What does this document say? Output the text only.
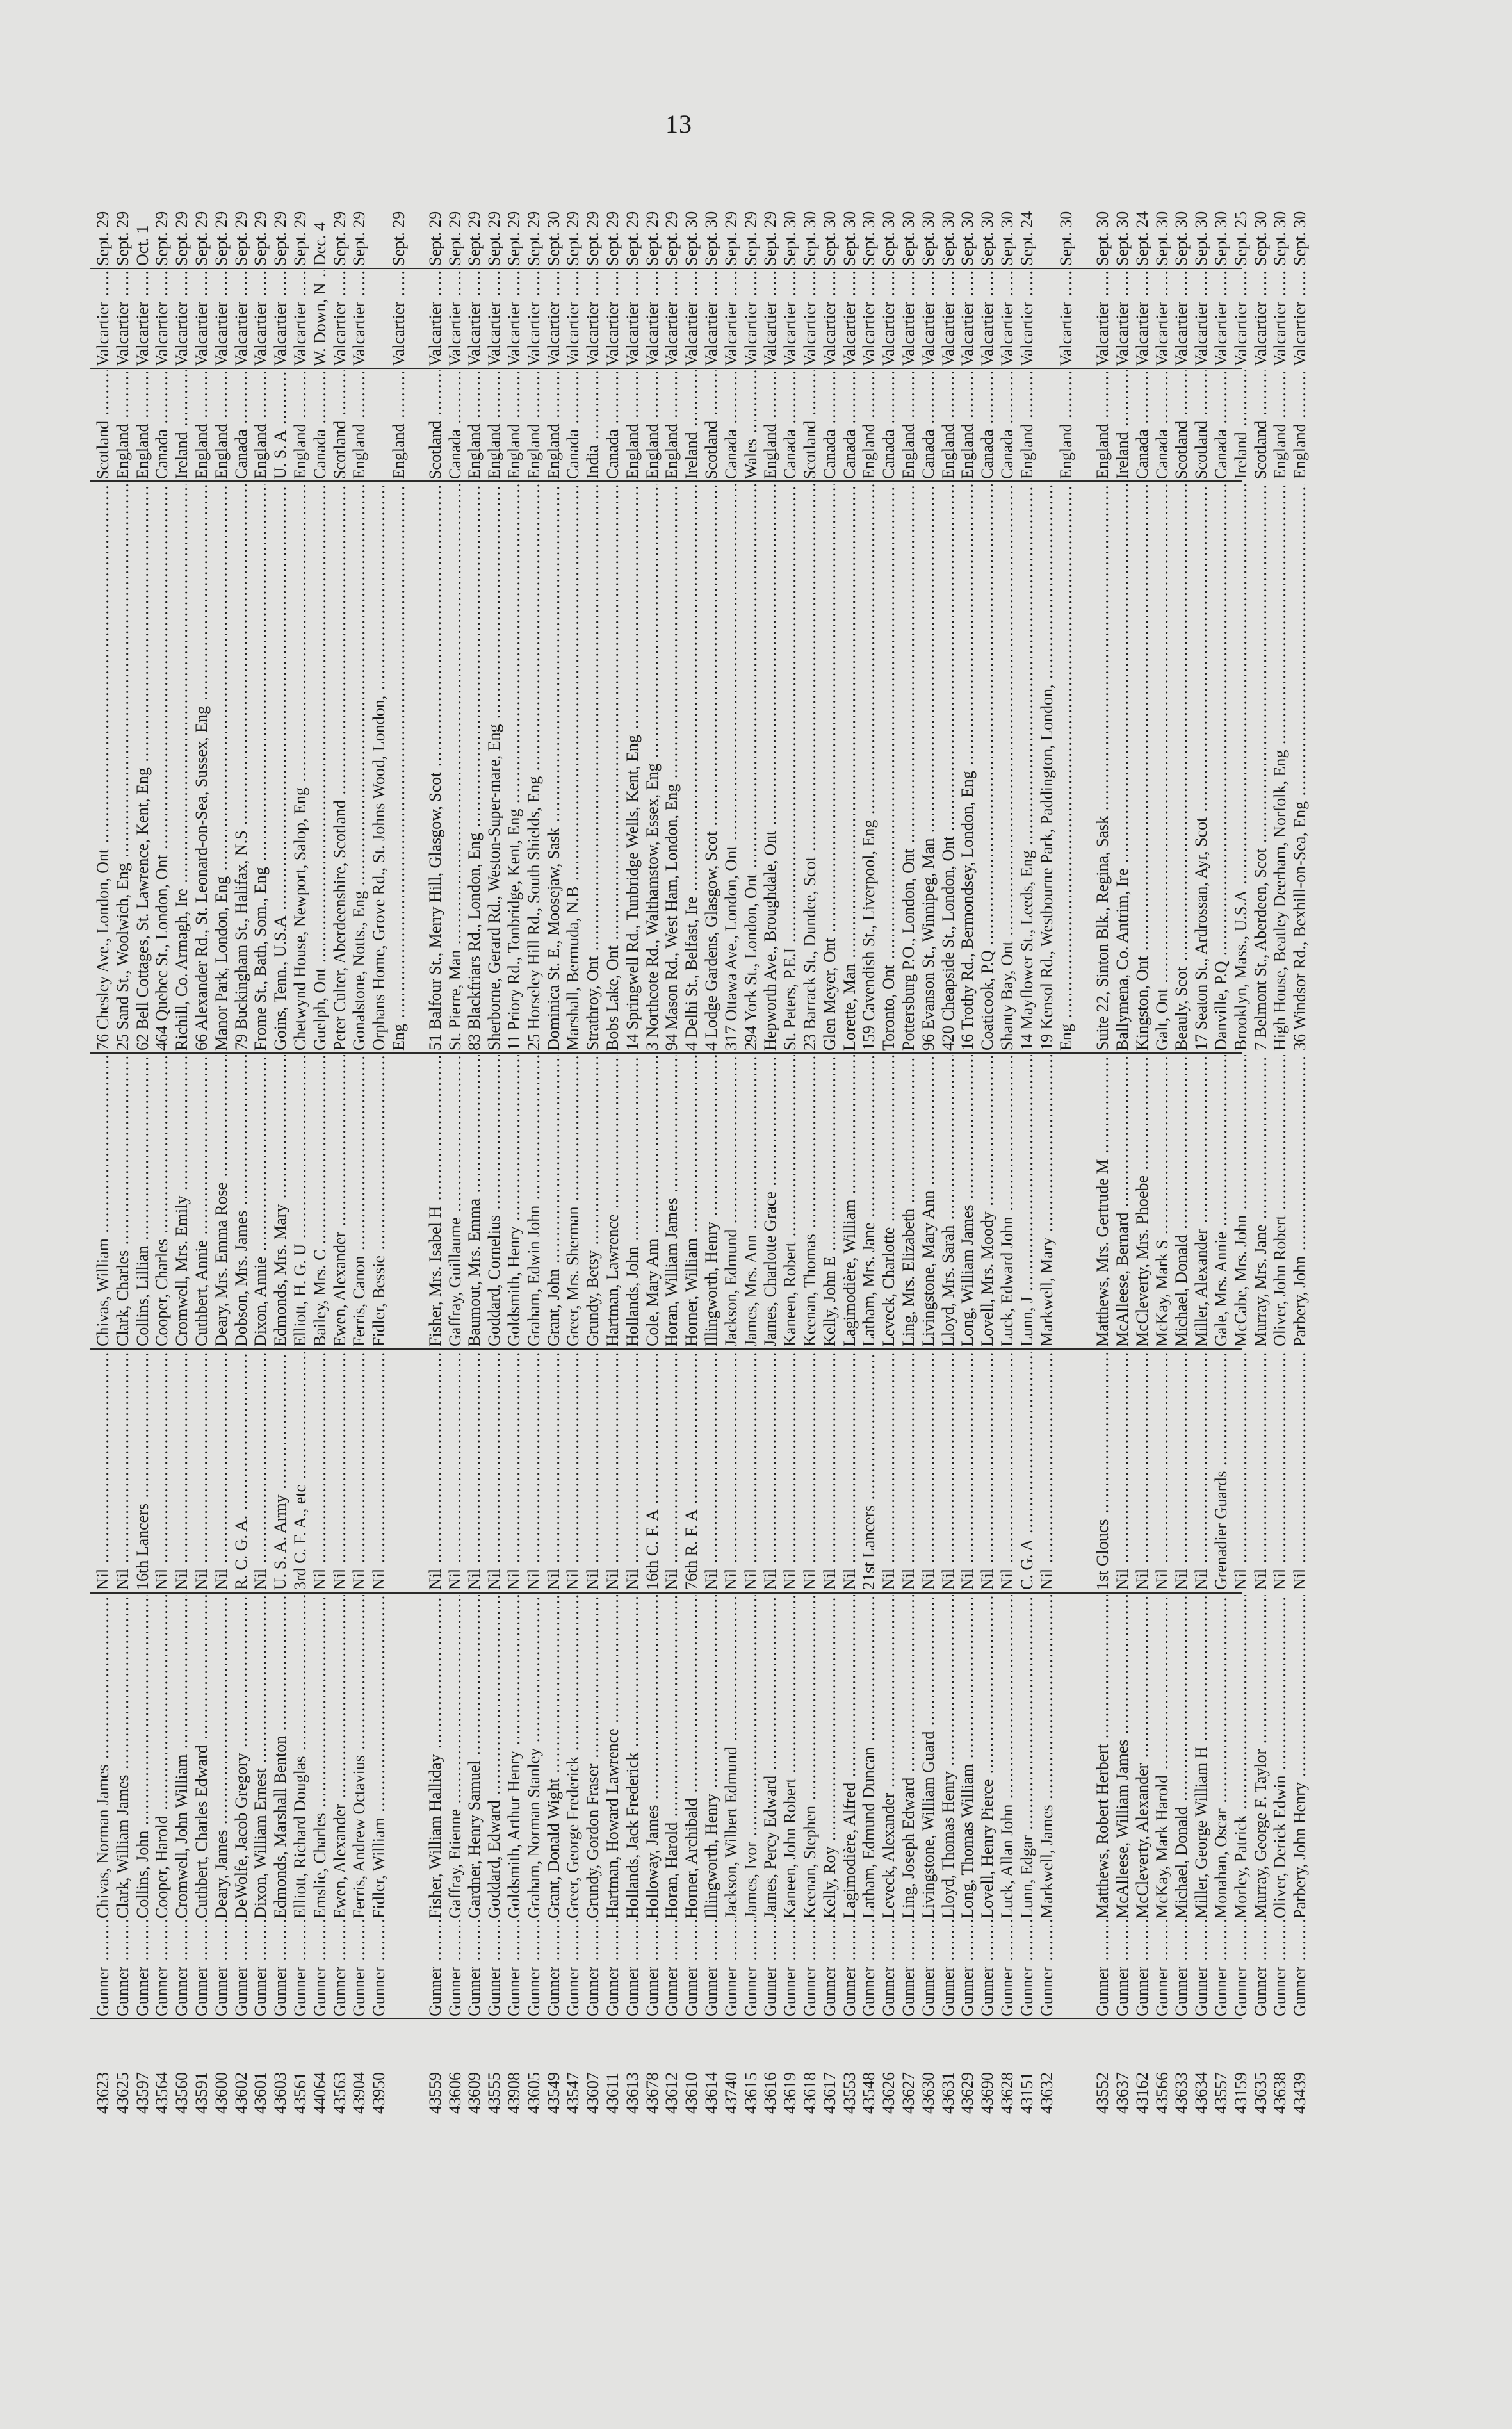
13
43623
Gunner .....
Chivas, Norman James .....
Nil .....
Chivas, William .....
76 Chesley Ave., London, Ont .....
Scotland .....
Valcartier .....
Sept. 29
43625
Gunner .....
Clark, William James .....
Nil .....
Clark, Charles .....
25 Sand St., Woolwich, Eng .....
England .....
Valcartier .....
Sept. 29
43597
Gunner .....
Collins, John .....
16th Lancers .....
Collins, Lillian .....
62 Bell Cottages, St. Lawrence, Kent, Eng .....
England .....
Valcartier .....
Oct. 1
43564
Gunner .....
Cooper, Harold .....
Nil .....
Cooper, Charles .....
464 Quebec St., London, Ont .....
Canada .....
Valcartier .....
Sept. 29
43560
Gunner .....
Cromwell, John William .....
Nil .....
Cromwell, Mrs. Emily .....
Richill, Co. Armagh, Ire .....
Ireland .....
Valcartier .....
Sept. 29
43591
Gunner .....
Cuthbert, Charles Edward .....
Nil .....
Cuthbert, Annie .....
66 Alexander Rd., St. Leonard-on-Sea, Sussex, Eng .....
England .....
Valcartier .....
Sept. 29
43600
Gunner .....
Deary, James .....
Nil .....
Deary, Mrs. Emma Rose .....
Manor Park, London, Eng .....
England .....
Valcartier .....
Sept. 29
43602
Gunner .....
DeWolfe, Jacob Gregory .....
R. C. G. A. .....
Dobson, Mrs. James .....
79 Buckingham St., Halifax, N.S .....
Canada .....
Valcartier .....
Sept. 29
43601
Gunner .....
Dixon, William Ernest .....
Nil .....
Dixon, Annie .....
Frome St., Bath, Som., Eng .....
England .....
Valcartier .....
Sept. 29
43603
Gunner .....
Edmonds, Marshall Benton .....
U. S. A. Army .....
Edmonds, Mrs. Mary .....
Goins, Tenn., U.S.A .....
U. S. A .....
Valcartier .....
Sept. 29
43561
Gunner .....
Elliott, Richard Douglas .....
3rd C. F. A., etc .....
Elliott, H. G. U .....
Chetwynd House, Newport, Salop, Eng .....
England .....
Valcartier .....
Sept. 29
44064
Gunner .....
Emslie, Charles .....
Nil .....
Bailey, Mrs. C .....
Guelph, Ont .....
Canada .....
W. Down, N .....
Dec. 4
43563
Gunner .....
Ewen, Alexander .....
Nil .....
Ewen, Alexander .....
Peter Culter, Aberdeenshire, Scotland .....
Scotland .....
Valcartier .....
Sept. 29
43904
Gunner .....
Ferris, Andrew Octavius .....
Nil .....
Ferris, Canon .....
Gonalstone, Notts., Eng .....
England .....
Valcartier .....
Sept. 29
43950
Gunner .....
Fidler, William .....
Nil .....
Fidler, Bessie .....
Orphans Home, Grove Rd., St. Johns Wood, London, ..... Eng .....
England .....
Valcartier .....
Sept. 29
43559
Gunner .....
Fisher, William Halliday .....
Nil .....
Fisher, Mrs. Isabel H .....
51 Balfour St., Merry Hill, Glasgow, Scot .....
Scotland .....
Valcartier .....
Sept. 29
43606
Gunner .....
Gaffray, Etienne .....
Nil .....
Gaffray, Guillaume .....
St. Pierre, Man .....
Canada .....
Valcartier .....
Sept. 29
43609
Gunner .....
Gardner, Henry Samuel .....
Nil .....
Baumout, Mrs. Emma .....
83 Blackfriars Rd., London, Eng .....
England .....
Valcartier .....
Sept. 29
43555
Gunner .....
Goddard, Edward .....
Nil .....
Goddard, Cornelius .....
Sherborne, Gerard Rd., Weston-Super-mare, Eng .....
England .....
Valcartier .....
Sept. 29
43908
Gunner .....
Goldsmith, Arthur Henry .....
Nil .....
Goldsmith, Henry .....
11 Priory Rd., Tonbridge, Kent, Eng .....
England .....
Valcartier .....
Sept. 29
43605
Gunner .....
Graham, Norman Stanley .....
Nil .....
Graham, Edwin John .....
25 Horseley Hill Rd., South Shields, Eng .....
England .....
Valcartier .....
Sept. 29
43549
Gunner .....
Grant, Donald Wight .....
Nil .....
Grant, John .....
Dominica St. E., Moosejaw, Sask .....
England .....
Valcartier .....
Sept. 30
43547
Gunner .....
Greer, George Frederick .....
Nil .....
Greer, Mrs. Sherman .....
Marshall, Bermuda, N.B .....
Canada .....
Valcartier .....
Sept. 29
43607
Gunner .....
Grundy, Gordon Fraser .....
Nil .....
Grundy, Betsy .....
Strathroy, Ont .....
India .....
Valcartier .....
Sept. 29
43611
Gunner .....
Hartman, Howard Lawrence .....
Nil .....
Hartman, Lawrence .....
Bobs Lake, Ont .....
Canada .....
Valcartier .....
Sept. 29
43613
Gunner .....
Hollands, Jack Frederick .....
Nil .....
Hollands, John .....
14 Springwell Rd., Tunbridge Wells, Kent, Eng .....
England .....
Valcartier .....
Sept. 29
43678
Gunner .....
Holloway, James .....
16th C. F. A .....
Cole, Mary Ann .....
3 Northcote Rd., Walthamstow, Essex, Eng .....
England .....
Valcartier .....
Sept. 29
43612
Gunner .....
Horan, Harold .....
Nil .....
Horan, William James .....
94 Mason Rd., West Ham, London, Eng .....
England .....
Valcartier .....
Sept. 29
43610
Gunner .....
Horner, Archibald .....
76th R. F. A .....
Horner, William .....
4 Delhi St., Belfast, Ire .....
Ireland .....
Valcartier .....
Sept. 30
43614
Gunner .....
Illingworth, Henry .....
Nil .....
Illingworth, Henry .....
4 Lodge Gardens, Glasgow, Scot .....
Scotland .....
Valcartier .....
Sept. 30
43740
Gunner .....
Jackson, Wilbert Edmund .....
Nil .....
Jackson, Edmund .....
317 Ottawa Ave., London, Ont .....
Canada .....
Valcartier .....
Sept. 29
43615
Gunner .....
James, Ivor .....
Nil .....
James, Mrs. Ann .....
294 York St., London, Ont .....
Wales .....
Valcartier .....
Sept. 29
43616
Gunner .....
James, Percy Edward .....
Nil .....
James, Charlotte Grace .....
Hepworth Ave., Broughdale, Ont .....
England .....
Valcartier .....
Sept. 29
43619
Gunner .....
Kaneen, John Robert .....
Nil .....
Kaneen, Robert .....
St. Peters, P.E.I .....
Canada .....
Valcartier .....
Sept. 30
43618
Gunner .....
Keenan, Stephen .....
Nil .....
Keenan, Thomas .....
23 Barrack St., Dundee, Scot .....
Scotland .....
Valcartier .....
Sept. 30
43617
Gunner .....
Kelly, Roy .....
Nil .....
Kelly, John E .....
Glen Meyer, Ont .....
Canada .....
Valcartier .....
Sept. 30
43553
Gunner .....
Lagimodière, Alfred .....
Nil .....
Lagimodière, William .....
Lorette, Man .....
Canada .....
Valcartier .....
Sept. 30
43548
Gunner .....
Latham, Edmund Duncan .....
21st Lancers .....
Latham, Mrs. Jane .....
159 Cavendish St., Liverpool, Eng .....
England .....
Valcartier .....
Sept. 30
43626
Gunner .....
Leveck, Alexander .....
Nil .....
Leveck, Charlotte .....
Toronto, Ont .....
Canada .....
Valcartier .....
Sept. 30
43627
Gunner .....
Ling, Joseph Edward .....
Nil .....
Ling, Mrs. Elizabeth .....
Pottersburg P.O., London, Ont .....
England .....
Valcartier .....
Sept. 30
43630
Gunner .....
Livingstone, William Guard .....
Nil .....
Livingstone, Mary Ann .....
96 Evanson St., Winnipeg, Man .....
Canada .....
Valcartier .....
Sept. 30
43631
Gunner .....
Lloyd, Thomas Henry .....
Nil .....
Lloyd, Mrs. Sarah .....
420 Cheapside St., London, Ont .....
England .....
Valcartier .....
Sept. 30
43629
Gunner .....
Long, Thomas William .....
Nil .....
Long, William James .....
16 Trothy Rd., Bermondsey, London, Eng .....
England .....
Valcartier .....
Sept. 30
43690
Gunner .....
Lovell, Henry Pierce .....
Nil .....
Lovell, Mrs. Moody .....
Coaticook, P.Q .....
Canada .....
Valcartier .....
Sept. 30
43628
Gunner .....
Luck, Allan John .....
Nil .....
Luck, Edward John .....
Shanty Bay, Ont .....
Canada .....
Valcartier .....
Sept. 30
43151
Gunner .....
Lunn, Edgar .....
C. G. A .....
Lunn, J .....
14 Mayflower St., Leeds, Eng .....
England .....
Valcartier .....
Sept. 24
43632
Gunner .....
Markwell, James .....
Nil .....
Markwell, Mary .....
19 Kensol Rd., Westbourne Park, Paddington, London, ..... Eng .....
England .....
Valcartier .....
Sept. 30
43552
Gunner .....
Matthews, Robert Herbert .....
1st Gloucs .....
Matthews, Mrs. Gertrude M .....
Suite 22, Sinton Blk., Regina, Sask .....
England .....
Valcartier .....
Sept. 30
43637
Gunner .....
McAlleese, William James .....
Nil .....
McAlleese, Bernard .....
Ballymena, Co. Antrim, Ire .....
Ireland .....
Valcartier .....
Sept. 30
43162
Gunner .....
McCleverty, Alexander .....
Nil .....
McCleverty, Mrs. Phoebe .....
Kingston, Ont .....
Canada .....
Valcartier .....
Sept. 24
43566
Gunner .....
McKay, Mark Harold .....
Nil .....
McKay, Mark S .....
Galt, Ont .....
Canada .....
Valcartier .....
Sept. 30
43633
Gunner .....
Michael, Donald .....
Nil .....
Michael, Donald .....
Beauly, Scot .....
Scotland .....
Valcartier .....
Sept. 30
43634
Gunner .....
Miller, George William H .....
Nil .....
Miller, Alexander .....
17 Seaton St., Ardrossan, Ayr, Scot .....
Scotland .....
Valcartier .....
Sept. 30
43557
Gunner .....
Monahan, Oscar .....
Grenadier Guards .....
Gale, Mrs. Annie .....
Danville, P.Q .....
Canada .....
Valcartier .....
Sept. 30
43159
Gunner .....
Morley, Patrick .....
Nil .....
McCabe, Mrs. John .....
Brooklyn, Mass., U.S.A .....
Ireland .....
Valcartier .....
Sept. 25
43635
Gunner .....
Murray, George F. Taylor .....
Nil .....
Murray, Mrs. Jane .....
7 Belmont St., Aberdeen, Scot .....
Scotland .....
Valcartier .....
Sept. 30
43638
Gunner .....
Oliver, Derick Edwin .....
Nil .....
Oliver, John Robert .....
High House, Beatley Deerham, Norfolk, Eng .....
England .....
Valcartier .....
Sept. 30
43439
Gunner .....
Parbery, John Henry .....
Nil .....
Parbery, John .....
36 Windsor Rd., Bexhill-on-Sea, Eng .....
England .....
Valcartier .....
Sept. 30
